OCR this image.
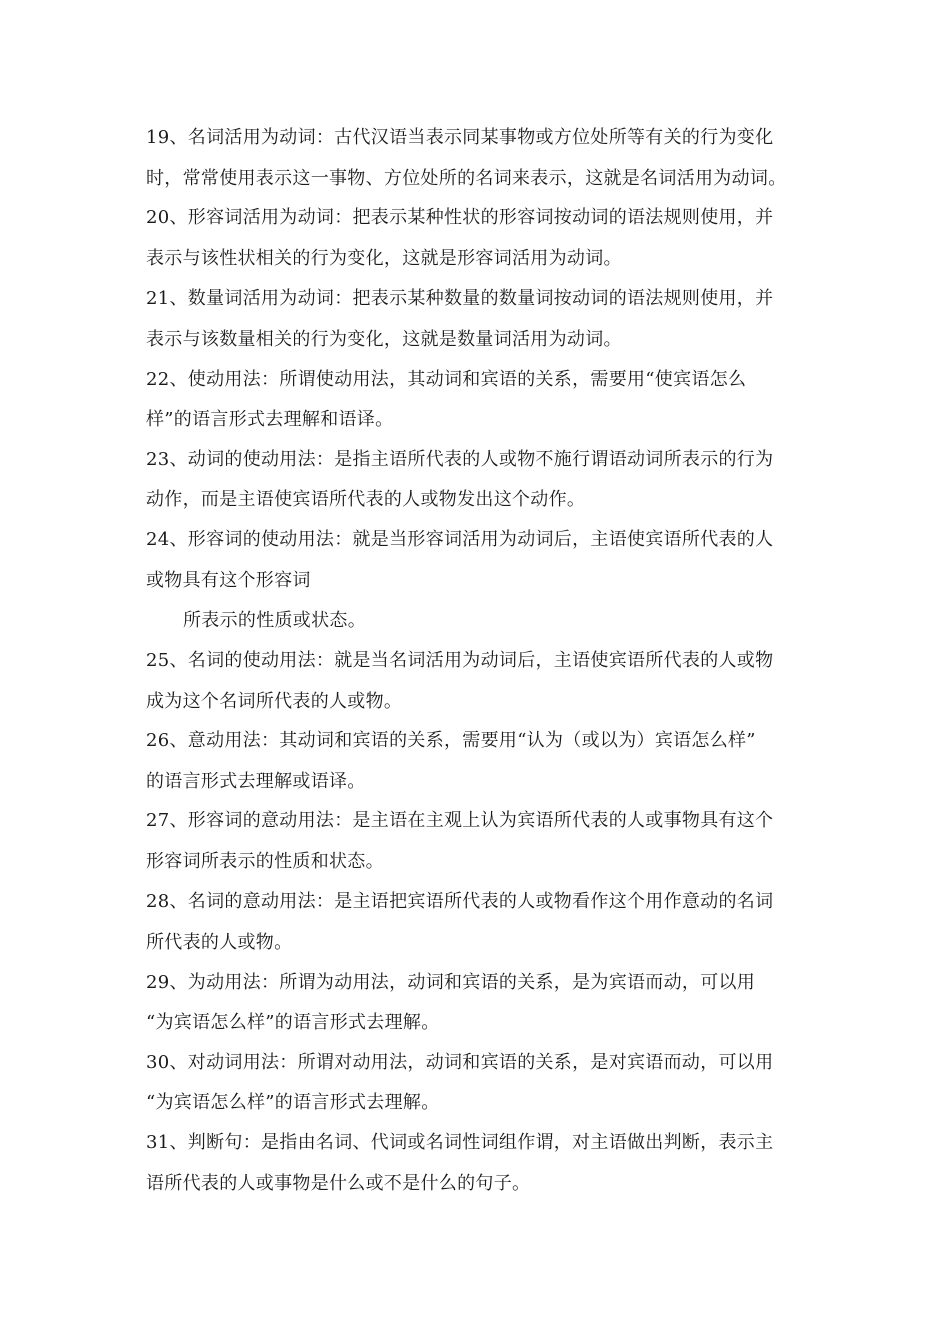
19、名词活用为动词：古代汉语当表示同某事物或方位处所等有关的行为变化
时，常常使用表示这一事物、方位处所的名词来表示，这就是名词活用为动词。
20、形容词活用为动词：把表示某种性状的形容词按动词的语法规则使用，并
表示与该性状相关的行为变化，这就是形容词活用为动词。
21、数量词活用为动词：把表示某种数量的数量词按动词的语法规则使用，并
表示与该数量相关的行为变化，这就是数量词活用为动词。
22、使动用法：所谓使动用法，其动词和宾语的关系，需要用“使宾语怎么
样”的语言形式去理解和语译。
23、动词的使动用法：是指主语所代表的人或物不施行谓语动词所表示的行为
动作，而是主语使宾语所代表的人或物发出这个动作。
24、形容词的使动用法：就是当形容词活用为动词后，主语使宾语所代表的人
或物具有这个形容词
所表示的性质或状态。
25、名词的使动用法：就是当名词活用为动词后，主语使宾语所代表的人或物
成为这个名词所代表的人或物。
26、意动用法：其动词和宾语的关系，需要用“认为（或以为）宾语怎么样”
的语言形式去理解或语译。
27、形容词的意动用法：是主语在主观上认为宾语所代表的人或事物具有这个
形容词所表示的性质和状态。
28、名词的意动用法：是主语把宾语所代表的人或物看作这个用作意动的名词
所代表的人或物。
29、为动用法：所谓为动用法，动词和宾语的关系，是为宾语而动，可以用
“为宾语怎么样”的语言形式去理解。
30、对动词用法：所谓对动用法，动词和宾语的关系，是对宾语而动，可以用
“为宾语怎么样”的语言形式去理解。
31、判断句：是指由名词、代词或名词性词组作谓，对主语做出判断，表示主
语所代表的人或事物是什么或不是什么的句子。
